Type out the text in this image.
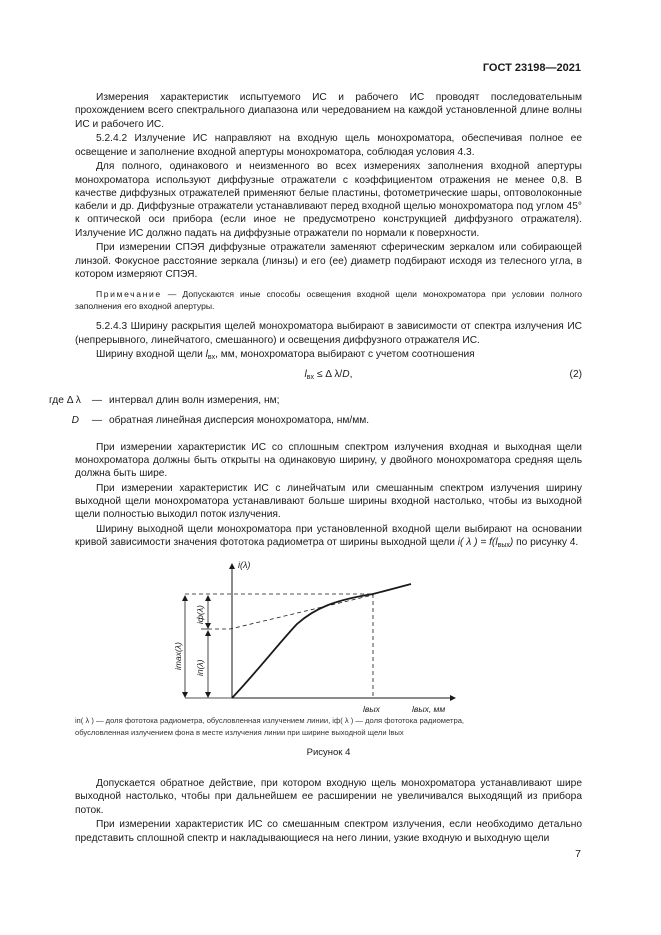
ГОСТ 23198—2021

Измерения характеристик испытуемого ИС и рабочего ИС проводят последовательным прохождением всего спектрального диапазона или чередованием на каждой установленной длине волны ИС и рабочего ИС.

5.2.4.2 Излучение ИС направляют на входную щель монохроматора, обеспечивая полное ее освещение и заполнение входной апертуры монохроматора, соблюдая условия 4.3.

Для полного, одинакового и неизменного во всех измерениях заполнения входной апертуры монохроматора используют диффузные отражатели с коэффициентом отражения не менее 0,8. В качестве диффузных отражателей применяют белые пластины, фотометрические шары, оптоволоконные кабели и др. Диффузные отражатели устанавливают перед входной щелью монохроматора под углом 45° к оптической оси прибора (если иное не предусмотрено конструкцией диффузного отражателя). Излучение ИС должно падать на диффузные отражатели по нормали к поверхности.

При измерении СПЭЯ диффузные отражатели заменяют сферическим зеркалом или собирающей линзой. Фокусное расстояние зеркала (линзы) и его (ее) диаметр подбирают исходя из телесного угла, в котором измеряют СПЭЯ.

Примечание — Допускаются иные способы освещения входной щели монохроматора при условии полного заполнения его входной апертуры.

5.2.4.3 Ширину раскрытия щелей монохроматора выбирают в зависимости от спектра излучения ИС (непрерывного, линейчатого, смешанного) и освещения диффузного отражателя ИС.

Ширину входной щели $l_{вх}$, мм, монохроматора выбирают с учетом соотношения

$l_{вх} \le \Delta$ λ/D,	(2)
где Δ λ	— интервал длин волн измерения, нм;
D	— обратная линейная дисперсия монохроматора, нм/мм.

При измерении характеристик ИС со сплошным спектром излучения входная и выходная щели монохроматора должны быть открыты на одинаковую ширину, у двойного монохроматора средняя щель должна быть шире.

При измерении характеристик ИС с линейчатым или смешанным спектром излучения ширину выходной щели монохроматора устанавливают больше ширины входной настолько, чтобы из выходной щели полностью выходил поток излучения.

Ширину выходной щели монохроматора при установленной входной щели выбирают на основании кривой зависимости значения фототока радиометра от ширины выходной щели i( λ ) = $f(l_{вых})$ по рисунку 4.

i(λ)
iф(λ)
imax(λ) iп(λ)
lвых	lвых, мм

iп( λ ) — доля фототока радиометра, обусловленная излучением линии, iф( λ ) — доля фототока радиометра,

обусловленная излучением фона в месте излучения линии при ширине выходной щели lвых

Рисунок 4

Допускается обратное действие, при котором входную щель монохроматора устанавливают шире выходной настолько, чтобы при дальнейшем ее расширении не увеличивался выходящий из прибора поток.

При измерении характеристик ИС со смешанным спектром излучения, если необходимо детально представить сплошной спектр и накладывающиеся на него линии, узкие входную и выходную щели

7
